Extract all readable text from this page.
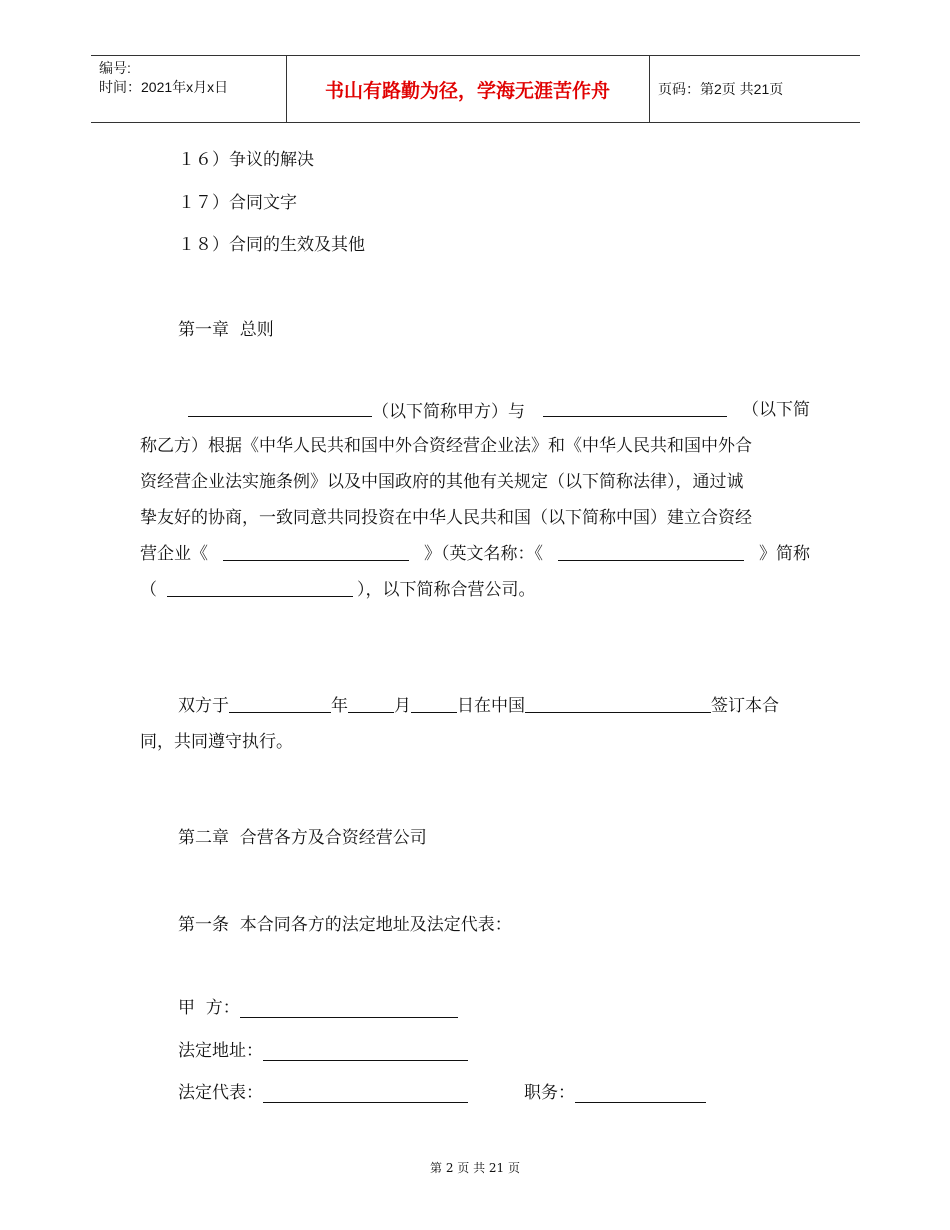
编号:
时间：2021年x月x日	书山有路勤为径，学海无涯苦作舟	页码：第2页 共21页
１６）争议的解决
１７）合同文字
１８）合同的生效及其他
第一章  总则
（以下简称甲方）与	（以下简
称乙方）根据《中华人民共和国中外合资经营企业法》和《中华人民共和国中外合
资经营企业法实施条例》以及中国政府的其他有关规定（以下简称法律），通过诚
挚友好的协商，一致同意共同投资在中华人民共和国（以下简称中国）建立合资经
营企业《	》（英文名称：《	》简称
（	），以下简称合营公司。
双方于	年	月	日在中国	签订本合
同，共同遵守执行。
第二章  合营各方及合资经营公司
第一条  本合同各方的法定地址及法定代表：
甲  方：
法定地址：
法定代表：	职务：
第 2 页 共 21 页
